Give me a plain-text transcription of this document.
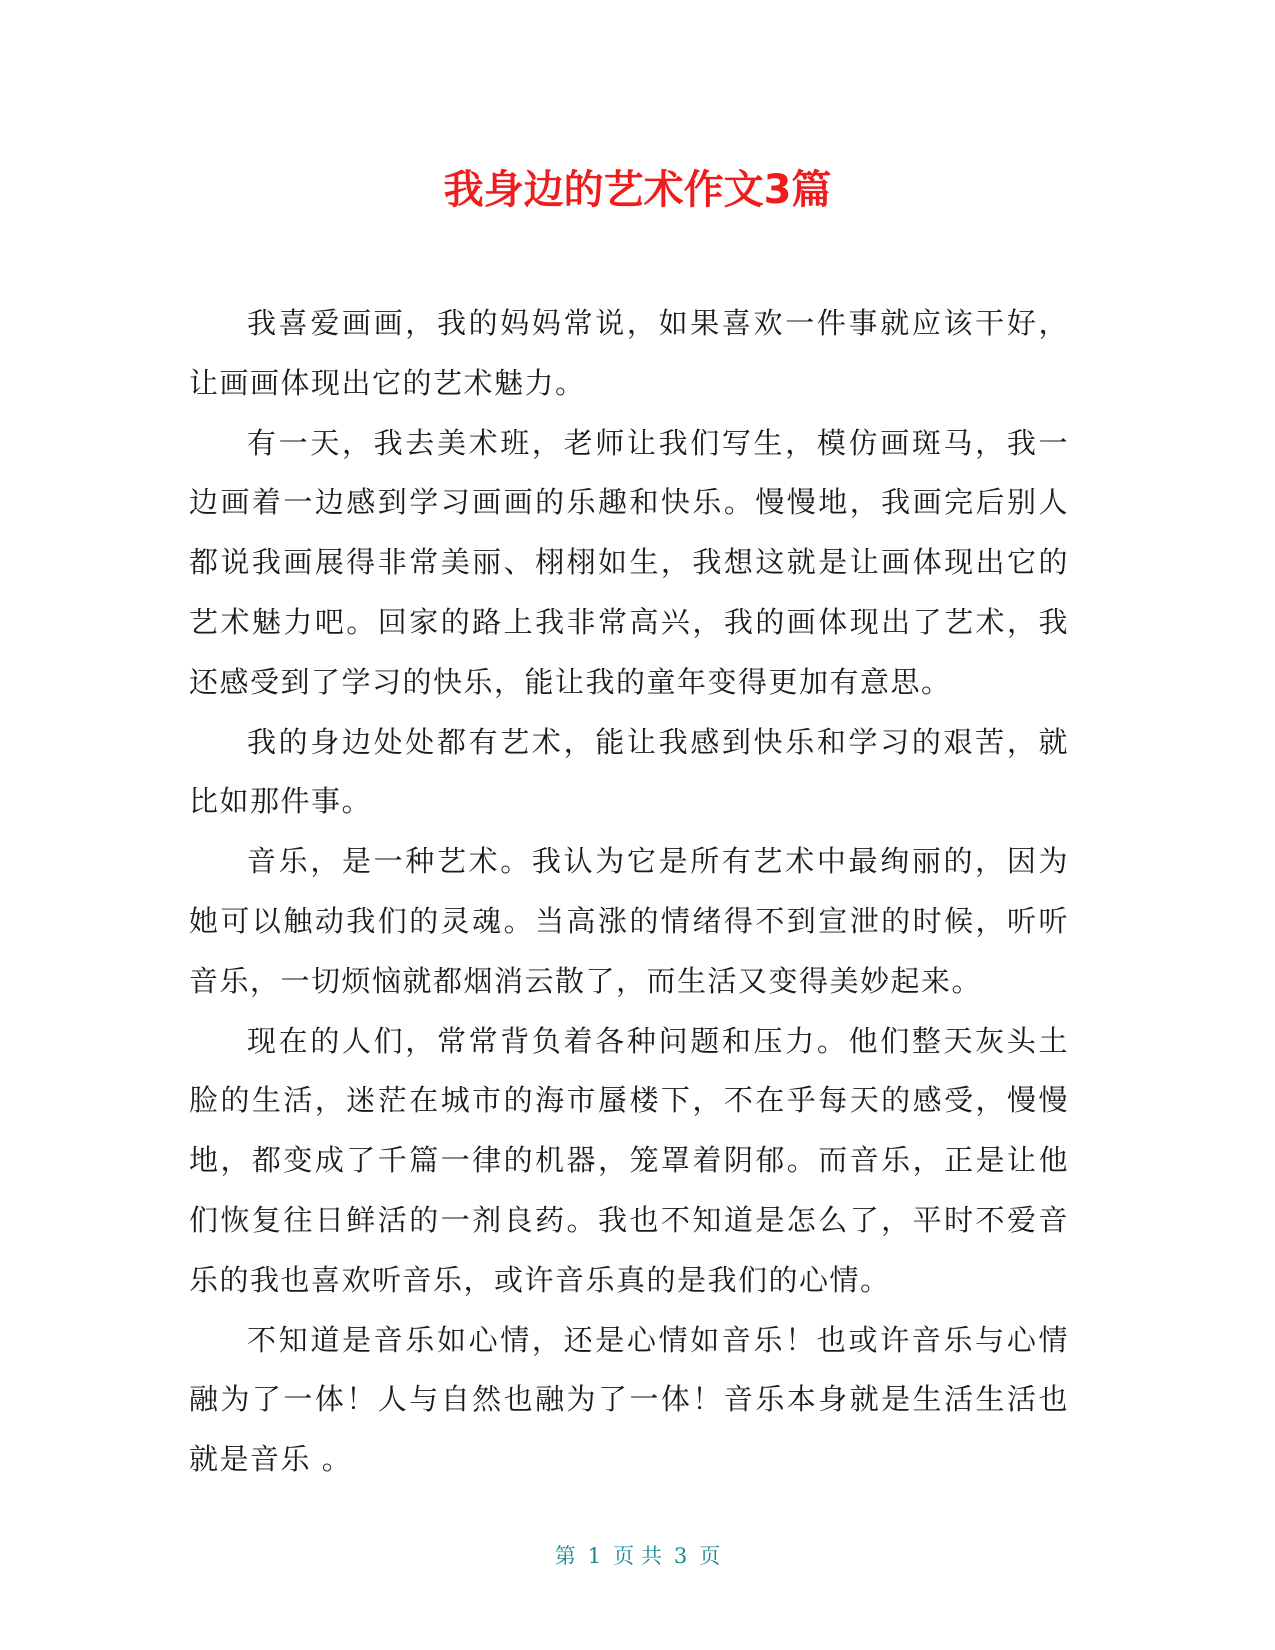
我身边的艺术作文3篇

我喜爱画画，我的妈妈常说，如果喜欢一件事就应该干好，让画画体现出它的艺术魅力。

有一天，我去美术班，老师让我们写生，模仿画斑马，我一边画着一边感到学习画画的乐趣和快乐。慢慢地，我画完后别人都说我画展得非常美丽、栩栩如生，我想这就是让画体现出它的艺术魅力吧。回家的路上我非常高兴，我的画体现出了艺术，我还感受到了学习的快乐，能让我的童年变得更加有意思。

我的身边处处都有艺术，能让我感到快乐和学习的艰苦，就比如那件事。

音乐，是一种艺术。我认为它是所有艺术中最绚丽的，因为她可以触动我们的灵魂。当高涨的情绪得不到宣泄的时候，听听音乐，一切烦恼就都烟消云散了，而生活又变得美妙起来。

现在的人们，常常背负着各种问题和压力。他们整天灰头土脸的生活，迷茫在城市的海市蜃楼下，不在乎每天的感受，慢慢地，都变成了千篇一律的机器，笼罩着阴郁。而音乐，正是让他们恢复往日鲜活的一剂良药。我也不知道是怎么了，平时不爱音乐的我也喜欢听音乐，或许音乐真的是我们的心情。

不知道是音乐如心情，还是心情如音乐！也或许音乐与心情融为了一体！人与自然也融为了一体！音乐本身就是生活生活也就是音乐 。

第 1 页 共 3 页
